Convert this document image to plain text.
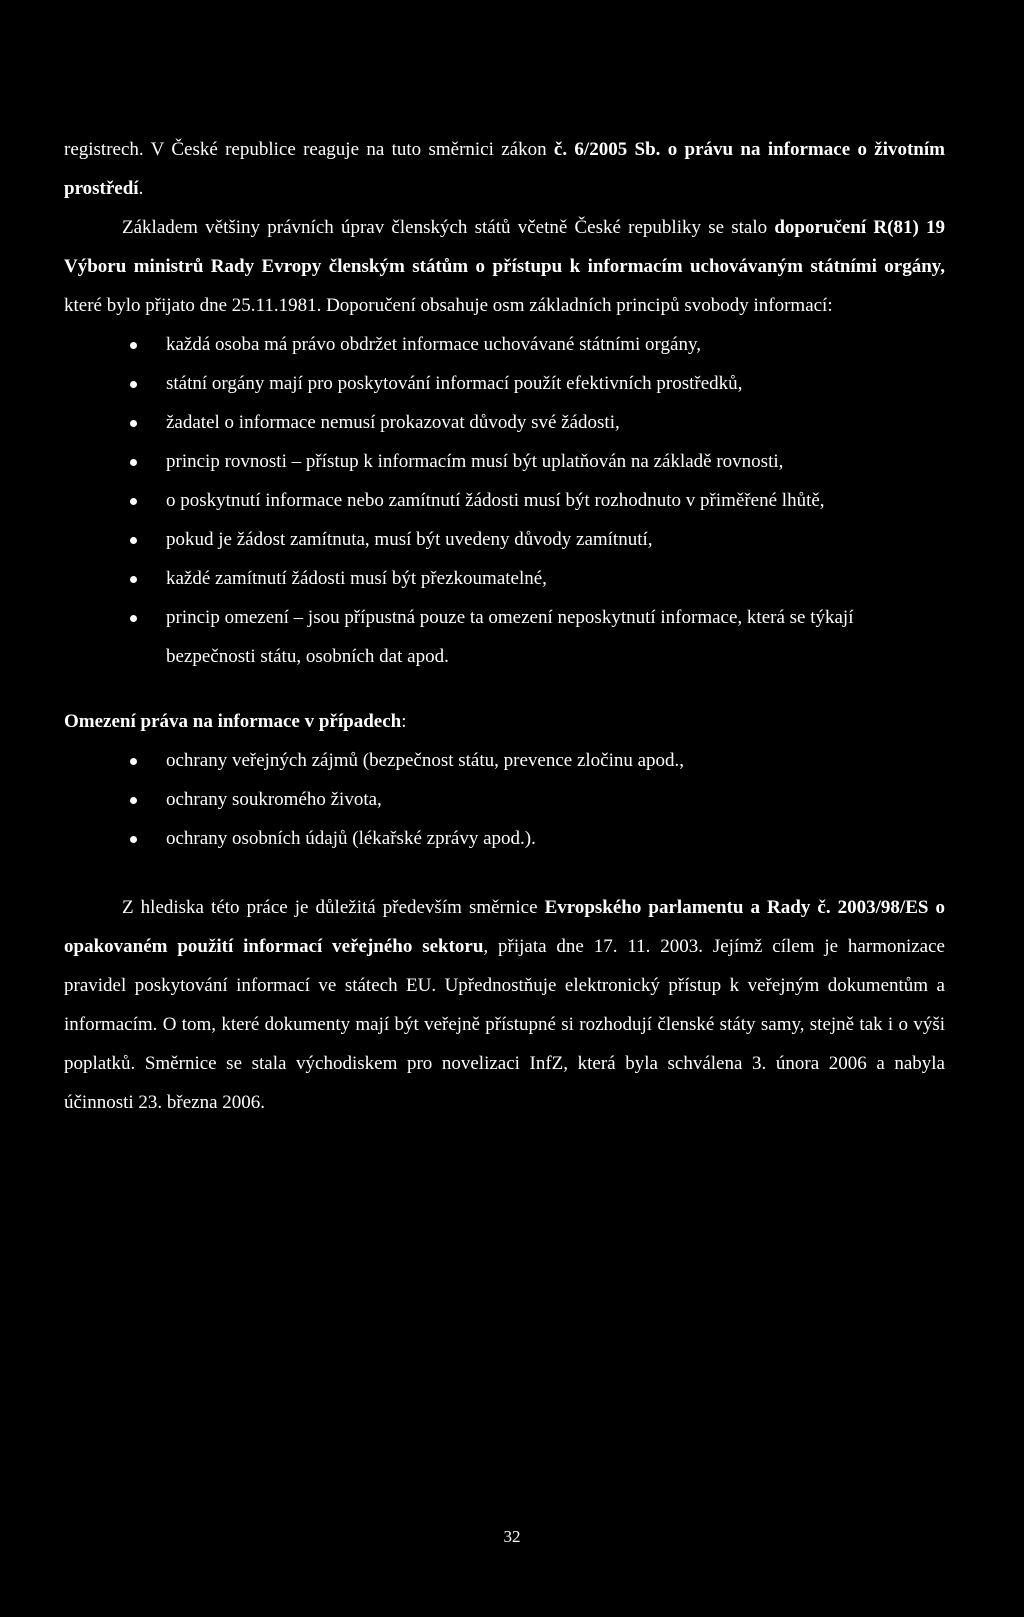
registrech. V České republice reaguje na tuto směrnici zákon č. 6/2005 Sb. o právu na informace o životním prostředí.

Základem většiny právních úprav členských států včetně České republiky se stalo doporučení R(81) 19 Výboru ministrů Rady Evropy členským státům o přístupu k informacím uchovávaným státními orgány, které bylo přijato dne 25.11.1981. Doporučení obsahuje osm základních principů svobody informací:

každá osoba má právo obdržet informace uchovávané státními orgány,
státní orgány mají pro poskytování informací použít efektivních prostředků,
žadatel o informace nemusí prokazovat důvody své žádosti,
princip rovnosti – přístup k informacím musí být uplatňován na základě rovnosti,
o poskytnutí informace nebo zamítnutí žádosti musí být rozhodnuto v přiměřené lhůtě,
pokud je žádost zamítnuta, musí být uvedeny důvody zamítnutí,
každé zamítnutí žádosti musí být přezkoumatelné,
princip omezení – jsou přípustná pouze ta omezení neposkytnutí informace, která se týkají bezpečnosti státu, osobních dat apod.

Omezení práva na informace v případech:

ochrany veřejných zájmů (bezpečnost státu, prevence zločinu apod.,
ochrany soukromého života,
ochrany osobních údajů (lékařské zprávy apod.).

Z hlediska této práce je důležitá především směrnice Evropského parlamentu a Rady č. 2003/98/ES o opakovaném použití informací veřejného sektoru, přijata dne 17. 11. 2003. Jejímž cílem je harmonizace pravidel poskytování informací ve státech EU. Upřednostňuje elektronický přístup k veřejným dokumentům a informacím. O tom, které dokumenty mají být veřejně přístupné si rozhodují členské státy samy, stejně tak i o výši poplatků. Směrnice se stala východiskem pro novelizaci InfZ, která byla schválena 3. února 2006 a nabyla účinnosti 23. března 2006.

32
